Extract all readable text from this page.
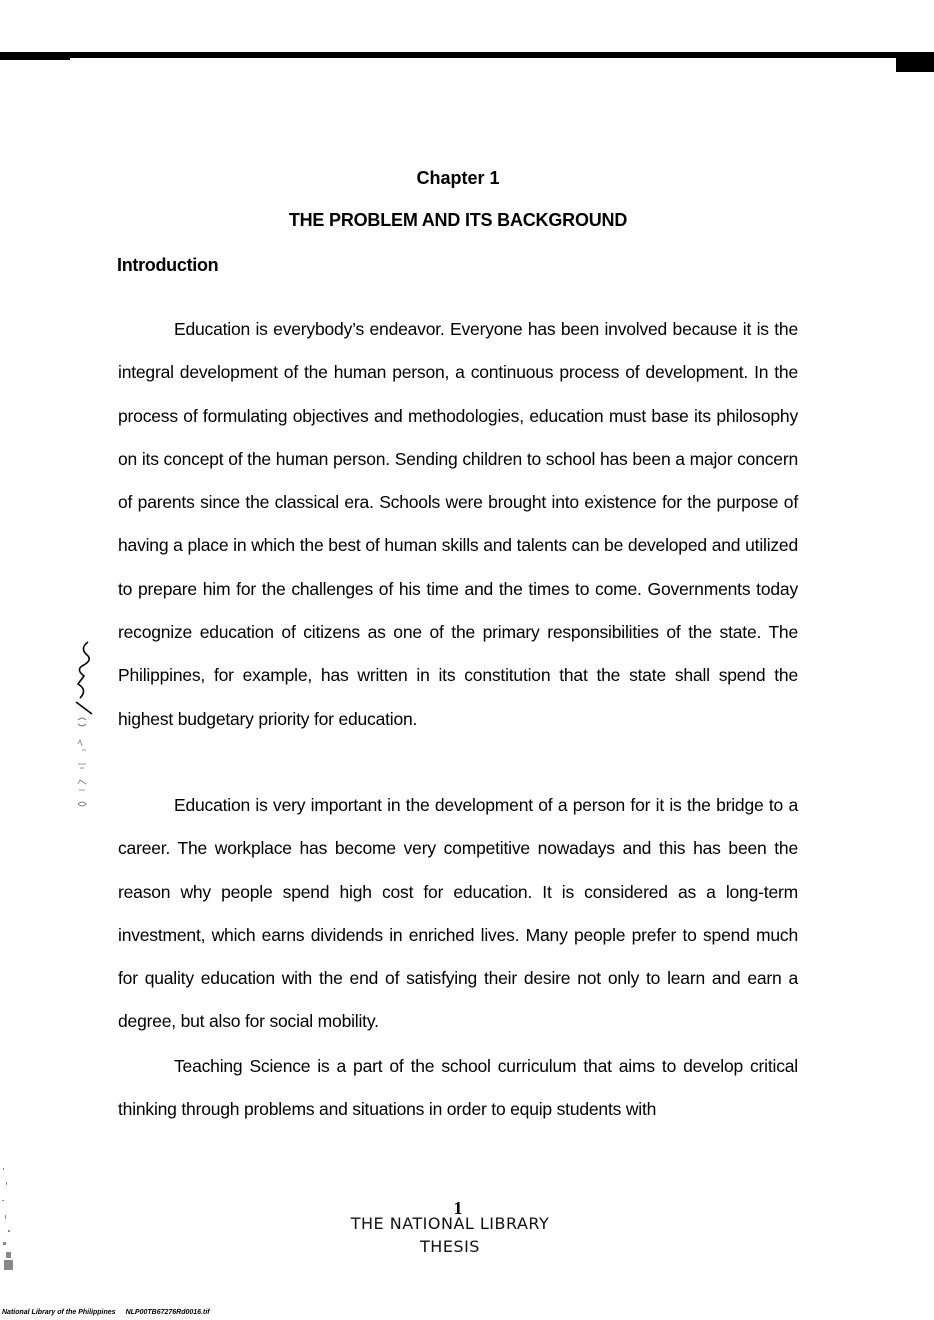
Chapter 1
THE PROBLEM AND ITS BACKGROUND
Introduction

Education is everybody’s endeavor. Everyone has been involved because it is the integral development of the human person, a continuous process of development. In the process of formulating objectives and methodologies, education must base its philosophy on its concept of the human person. Sending children to school has been a major concern of parents since the classical era. Schools were brought into existence for the purpose of having a place in which the best of human skills and talents can be developed and utilized to prepare him for the challenges of his time and the times to come. Governments today recognize education of citizens as one of the primary responsibilities of the state. The Philippines, for example, has written in its constitution that the state shall spend the highest budgetary priority for education.

Education is very important in the development of a person for it is the bridge to a career. The workplace has become very competitive nowadays and this has been the reason why people spend high cost for education. It is considered as a long-term investment, which earns dividends in enriched lives. Many people prefer to spend much for quality education with the end of satisfying their desire not only to learn and earn a degree, but also for social mobility.

Teaching Science is a part of the school curriculum that aims to develop critical thinking through problems and situations in order to equip students with

1
THE NATIONAL LIBRARY
THESIS
National Library of the Philippines NLP00TB67276Rd0016.tif
